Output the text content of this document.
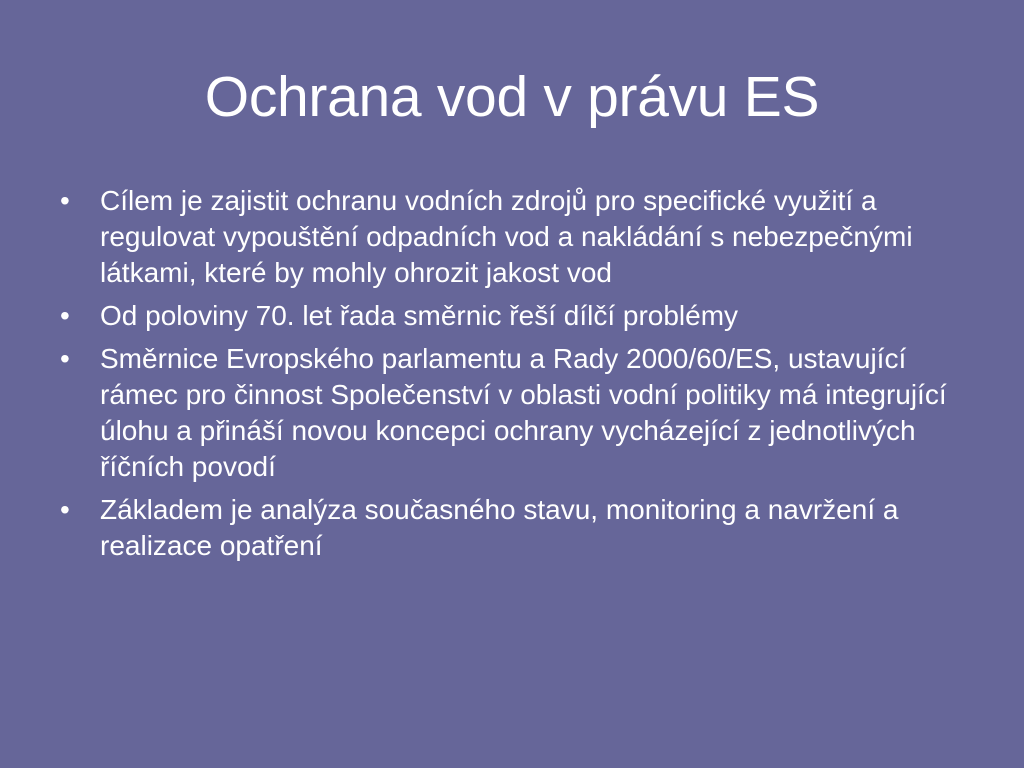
Ochrana vod v právu ES
• Cílem je zajistit ochranu vodních zdrojů pro specifické využití a regulovat vypouštění odpadních vod a nakládání s nebezpečnými látkami, které by mohly ohrozit jakost vod
• Od poloviny 70. let řada směrnic řeší dílčí problémy
• Směrnice Evropského parlamentu a Rady 2000/60/ES, ustavující rámec pro činnost Společenství v oblasti vodní politiky má integrující úlohu a přináší novou koncepci ochrany vycházející z jednotlivých říčních povodí
• Základem je analýza současného stavu, monitoring a navržení a realizace opatření
